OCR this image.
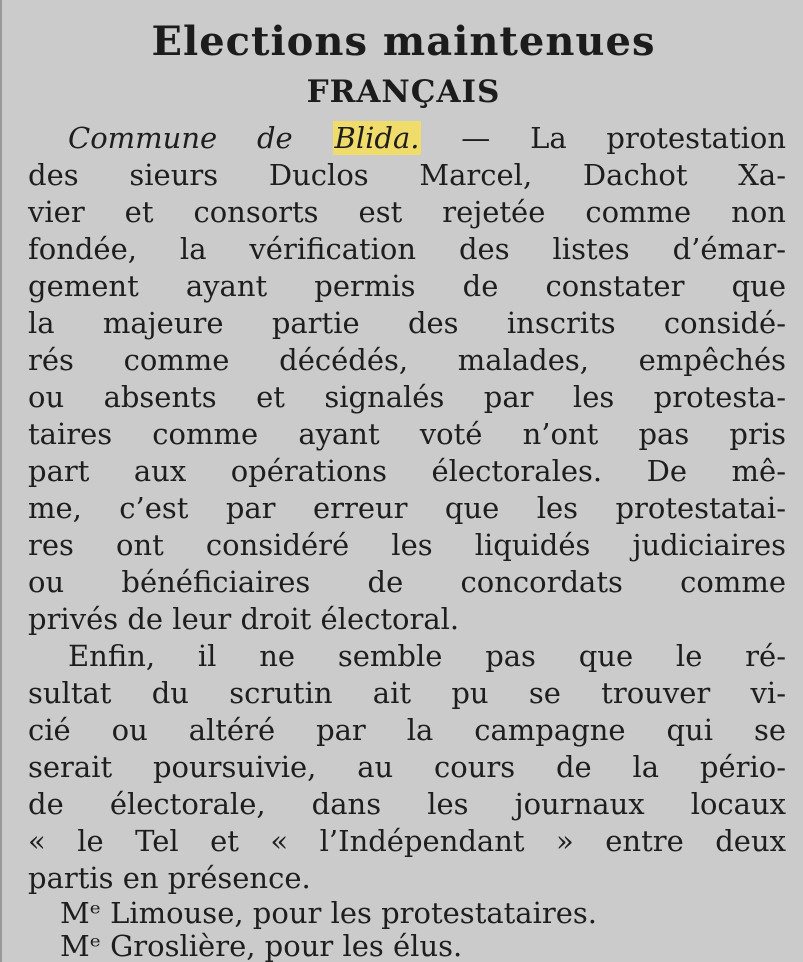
Elections maintenues
FRANÇAIS
Commune de Blida. — La protestation
des sieurs Duclos Marcel, Dachot Xa-
vier et consorts est rejetée comme non
fondée, la vérification des listes d’émar-
gement ayant permis de constater que
la majeure partie des inscrits considé-
rés comme décédés, malades, empêchés
ou absents et signalés par les protesta-
taires comme ayant voté n’ont pas pris
part aux opérations électorales. De mê-
me, c’est par erreur que les protestatai-
res ont considéré les liquidés judiciaires
ou bénéficiaires de concordats comme
privés de leur droit électoral.
Enfin, il ne semble pas que le ré-
sultat du scrutin ait pu se trouver vi-
cié ou altéré par la campagne qui se
serait poursuivie, au cours de la pério-
de électorale, dans les journaux locaux
« le Tel et « l’Indépendant » entre deux
partis en présence.
Mᵉ Limouse, pour les protestataires.
Mᵉ Groslière, pour les élus.
